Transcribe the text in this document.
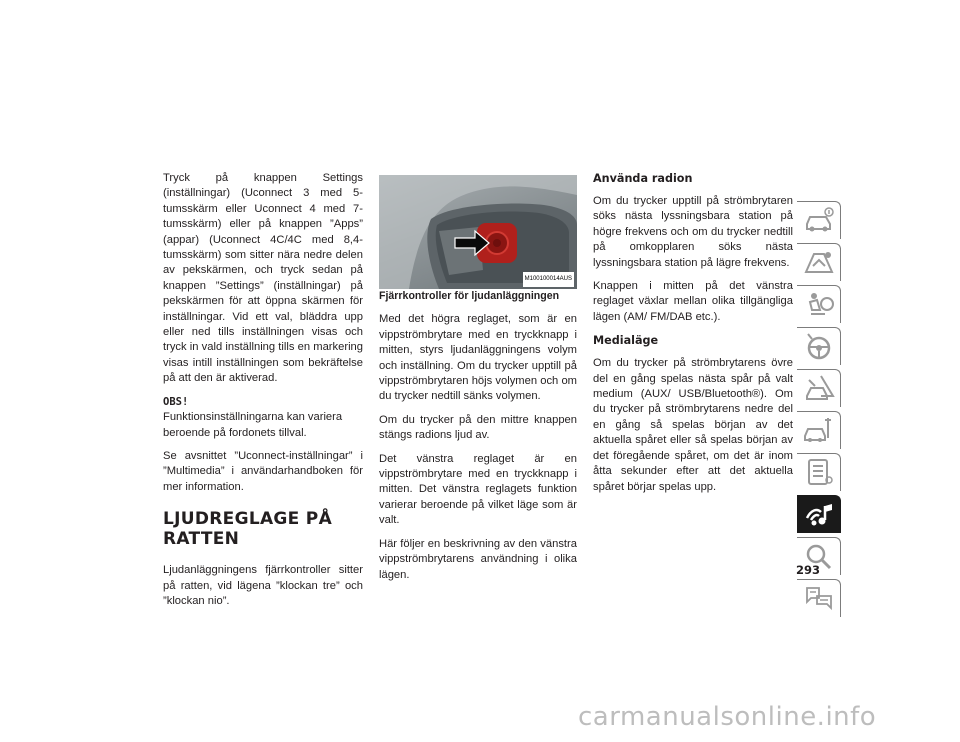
Tryck på knappen Settings (inställningar) (Uconnect 3 med 5-tumsskärm eller Uconnect 4 med 7-tumsskärm) eller på knappen ”Apps” (appar) (Uconnect 4C/4C med 8,4-tumsskärm) som sitter nära nedre delen av pekskärmen, och tryck sedan på knappen ”Settings” (inställningar) på pekskärmen för att öppna skärmen för inställningar. Vid ett val, bläddra upp eller ned tills inställningen visas och tryck in vald inställning tills en markering visas intill inställningen som bekräftelse på att den är aktiverad.

OBS!
Funktionsinställningarna kan variera beroende på fordonets tillval.

Se avsnittet ”Uconnect-inställningar” i ”Multimedia” i användarhandboken för mer information.

LJUDREGLAGE PÅ RATTEN

Ljudanläggningens fjärrkontroller sitter på ratten, vid lägena ”klockan tre” och ”klockan nio”.

M100100014AUS

Fjärrkontroller för ljudanläggningen

Med det högra reglaget, som är en vippströmbrytare med en tryckknapp i mitten, styrs ljudanläggningens volym och inställning. Om du trycker upptill på vippströmbrytaren höjs volymen och om du trycker nedtill sänks volymen.

Om du trycker på den mittre knappen stängs radions ljud av.

Det vänstra reglaget är en vippströmbrytare med en tryckknapp i mitten. Det vänstra reglagets funktion varierar beroende på vilket läge som är valt.

Här följer en beskrivning av den vänstra vippströmbrytarens användning i olika lägen.

Använda radion

Om du trycker upptill på strömbrytaren söks nästa lyssningsbara station på högre frekvens och om du trycker nedtill på omkopplaren söks nästa lyssningsbara station på lägre frekvens.

Knappen i mitten på det vänstra reglaget växlar mellan olika tillgängliga lägen (AM/ FM/DAB etc.).

Medialäge

Om du trycker på strömbrytarens övre del en gång spelas nästa spår på valt medium (AUX/ USB/Bluetooth®). Om du trycker på strömbrytarens nedre del en gång så spelas början av det aktuella spåret eller så spelas början av det föregående spåret, om det är inom åtta sekunder efter att det aktuella spåret börjar spelas upp.

293
carmanualsonline.info
